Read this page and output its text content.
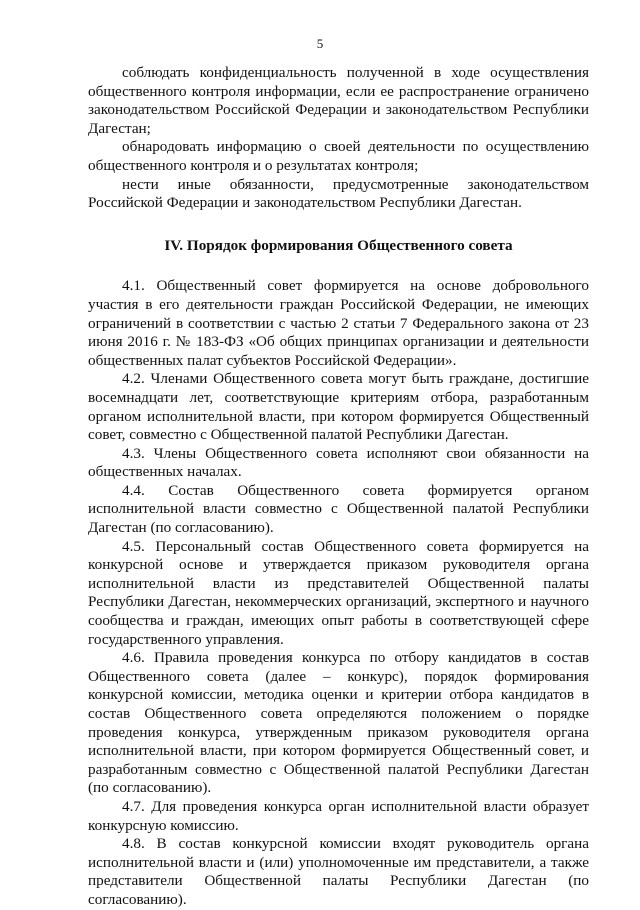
5

соблюдать конфиденциальность полученной в ходе осуществления общественного контроля информации, если ее распространение ограничено законодательством Российской Федерации и законодательством Республики Дагестан;

обнародовать информацию о своей деятельности по осуществлению общественного контроля и о результатах контроля;

нести иные обязанности, предусмотренные законодательством Российской Федерации и законодательством Республики Дагестан.

IV. Порядок формирования Общественного совета

4.1. Общественный совет формируется на основе добровольного участия в его деятельности граждан Российской Федерации, не имеющих ограничений в соответствии с частью 2 статьи 7 Федерального закона от 23 июня 2016 г. № 183-ФЗ «Об общих принципах организации и деятельности общественных палат субъектов Российской Федерации».

4.2. Членами Общественного совета могут быть граждане, достигшие восемнадцати лет, соответствующие критериям отбора, разработанным органом исполнительной власти, при котором формируется Общественный совет, совместно с Общественной палатой Республики Дагестан.

4.3. Члены Общественного совета исполняют свои обязанности на общественных началах.

4.4. Состав Общественного совета формируется органом исполнительной власти совместно с Общественной палатой Республики Дагестан (по согласованию).

4.5. Персональный состав Общественного совета формируется на конкурсной основе и утверждается приказом руководителя органа исполнительной власти из представителей Общественной палаты Республики Дагестан, некоммерческих организаций, экспертного и научного сообщества и граждан, имеющих опыт работы в соответствующей сфере государственного управления.

4.6. Правила проведения конкурса по отбору кандидатов в состав Общественного совета (далее – конкурс), порядок формирования конкурсной комиссии, методика оценки и критерии отбора кандидатов в состав Общественного совета определяются положением о порядке проведения конкурса, утвержденным приказом руководителя органа исполнительной власти, при котором формируется Общественный совет, и разработанным совместно с Общественной палатой Республики Дагестан (по согласованию).

4.7. Для проведения конкурса орган исполнительной власти образует конкурсную комиссию.

4.8. В состав конкурсной комиссии входят руководитель органа исполнительной власти и (или) уполномоченные им представители, а также представители Общественной палаты Республики Дагестан (по согласованию).
